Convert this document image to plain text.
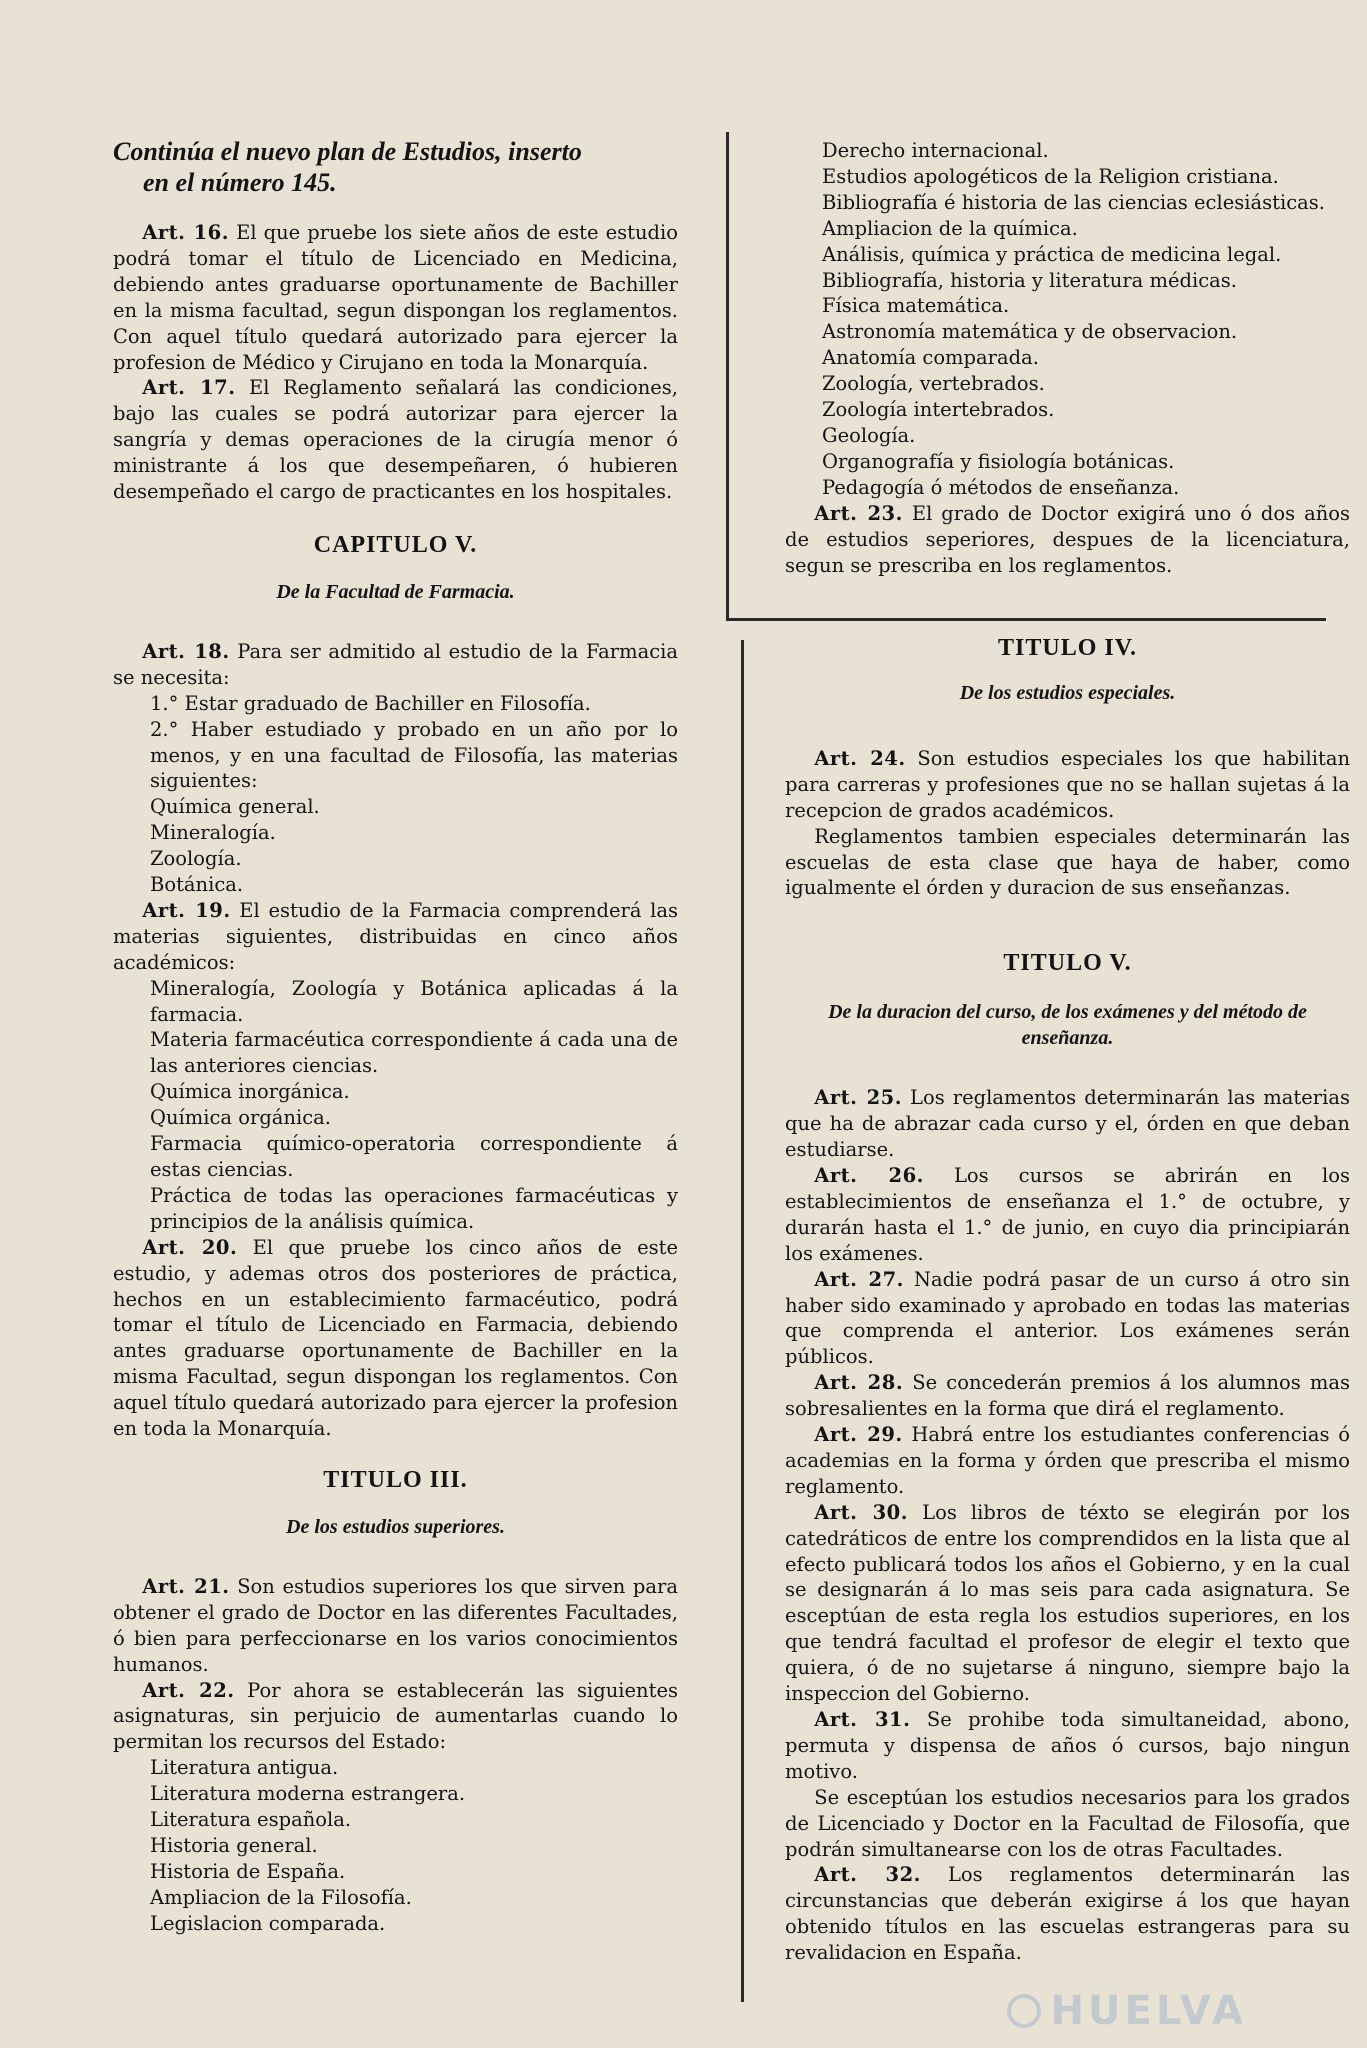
Continúa el nuevo plan de Estudios, inserto
en el número 145.

Art. 16. El que pruebe los siete años de este estudio podrá tomar el título de Licenciado en Medicina, debiendo antes graduarse oportunamente de Bachiller en la misma facultad, segun dispongan los reglamentos. Con aquel título quedará autorizado para ejercer la profesion de Médico y Cirujano en toda la Monarquía.

Art. 17. El Reglamento señalará las condiciones, bajo las cuales se podrá autorizar para ejercer la sangría y demas operaciones de la cirugía menor ó ministrante á los que desempeñaren, ó hubieren desempeñado el cargo de practicantes en los hospitales.

CAPITULO V.
De la Facultad de Farmacia.

Art. 18. Para ser admitido al estudio de la Farmacia se necesita:

1.° Estar graduado de Bachiller en Filosofía.

2.° Haber estudiado y probado en un año por lo menos, y en una facultad de Filosofía, las materias siguientes:

Química general.

Mineralogía.

Zoología.

Botánica.

Art. 19. El estudio de la Farmacia comprenderá las materias siguientes, distribuidas en cinco años académicos:

Mineralogía, Zoología y Botánica aplicadas á la farmacia.

Materia farmacéutica correspondiente á cada una de las anteriores ciencias.

Química inorgánica.

Química orgánica.

Farmacia químico-operatoria correspondiente á estas ciencias.

Práctica de todas las operaciones farmacéuticas y principios de la análisis química.

Art. 20. El que pruebe los cinco años de este estudio, y ademas otros dos posteriores de práctica, hechos en un establecimiento farmacéutico, podrá tomar el título de Licenciado en Farmacia, debiendo antes graduarse oportunamente de Bachiller en la misma Facultad, segun dispongan los reglamentos. Con aquel título quedará autorizado para ejercer la profesion en toda la Monarquía.

TITULO III.
De los estudios superiores.

Art. 21. Son estudios superiores los que sirven para obtener el grado de Doctor en las diferentes Facultades, ó bien para perfeccionarse en los varios conocimientos humanos.

Art. 22. Por ahora se establecerán las siguientes asignaturas, sin perjuicio de aumentarlas cuando lo permitan los recursos del Estado:

Literatura antigua.

Literatura moderna estrangera.

Literatura española.

Historia general.

Historia de España.

Ampliacion de la Filosofía.

Legislacion comparada.

Derecho internacional.

Estudios apologéticos de la Religion cristiana.

Bibliografía é historia de las ciencias eclesiásticas.

Ampliacion de la química.

Análisis, química y práctica de medicina legal.

Bibliografía, historia y literatura médicas.

Física matemática.

Astronomía matemática y de observacion.

Anatomía comparada.

Zoología, vertebrados.

Zoología intertebrados.

Geología.

Organografía y fisiología botánicas.

Pedagogía ó métodos de enseñanza.

Art. 23. El grado de Doctor exigirá uno ó dos años de estudios seperiores, despues de la licenciatura, segun se prescriba en los reglamentos.

TITULO IV.
De los estudios especiales.

Art. 24. Son estudios especiales los que habilitan para carreras y profesiones que no se hallan sujetas á la recepcion de grados académicos.

Reglamentos tambien especiales determinarán las escuelas de esta clase que haya de haber, como igualmente el órden y duracion de sus enseñanzas.

TITULO V.
De la duracion del curso, de los exámenes y del método de enseñanza.

Art. 25. Los reglamentos determinarán las materias que ha de abrazar cada curso y el, órden en que deban estudiarse.

Art. 26. Los cursos se abrirán en los establecimientos de enseñanza el 1.° de octubre, y durarán hasta el 1.° de junio, en cuyo dia principiarán los exámenes.

Art. 27. Nadie podrá pasar de un curso á otro sin haber sido examinado y aprobado en todas las materias que comprenda el anterior. Los exámenes serán públicos.

Art. 28. Se concederán premios á los alumnos mas sobresalientes en la forma que dirá el reglamento.

Art. 29. Habrá entre los estudiantes conferencias ó academias en la forma y órden que prescriba el mismo reglamento.

Art. 30. Los libros de téxto se elegirán por los catedráticos de entre los comprendidos en la lista que al efecto publicará todos los años el Gobierno, y en la cual se designarán á lo mas seis para cada asignatura. Se esceptúan de esta regla los estudios superiores, en los que tendrá facultad el profesor de elegir el texto que quiera, ó de no sujetarse á ninguno, siempre bajo la inspeccion del Gobierno.

Art. 31. Se prohibe toda simultaneidad, abono, permuta y dispensa de años ó cursos, bajo ningun motivo.

Se esceptúan los estudios necesarios para los grados de Licenciado y Doctor en la Facultad de Filosofía, que podrán simultanearse con los de otras Facultades.

Art. 32. Los reglamentos determinarán las circunstancias que deberán exigirse á los que hayan obtenido títulos en las escuelas estrangeras para su revalidacion en España.

HUELVA
